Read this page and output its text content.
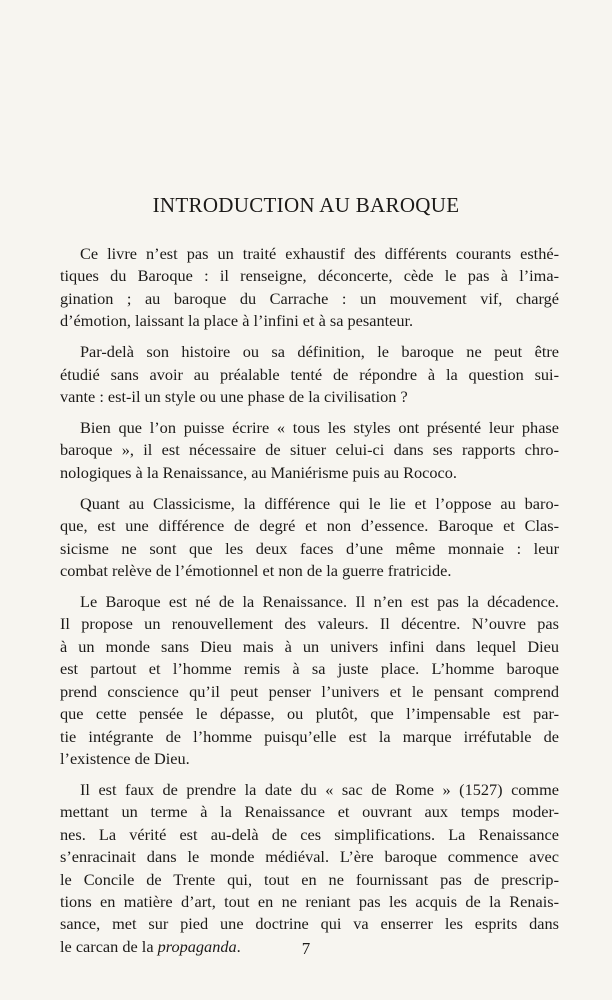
INTRODUCTION AU BAROQUE

Ce livre n’est pas un traité exhaustif des différents courants esthé-
tiques du Baroque : il renseigne, déconcerte, cède le pas à l’ima-
gination ; au baroque du Carrache : un mouvement vif, chargé
d’émotion, laissant la place à l’infini et à sa pesanteur.

Par-delà son histoire ou sa définition, le baroque ne peut être
étudié sans avoir au préalable tenté de répondre à la question sui-
vante : est-il un style ou une phase de la civilisation ?

Bien que l’on puisse écrire « tous les styles ont présenté leur phase
baroque », il est nécessaire de situer celui-ci dans ses rapports chro-
nologiques à la Renaissance, au Maniérisme puis au Rococo.

Quant au Classicisme, la différence qui le lie et l’oppose au baro-
que, est une différence de degré et non d’essence. Baroque et Clas-
sicisme ne sont que les deux faces d’une même monnaie : leur
combat relève de l’émotionnel et non de la guerre fratricide.

Le Baroque est né de la Renaissance. Il n’en est pas la décadence.
Il propose un renouvellement des valeurs. Il décentre. N’ouvre pas
à un monde sans Dieu mais à un univers infini dans lequel Dieu
est partout et l’homme remis à sa juste place. L’homme baroque
prend conscience qu’il peut penser l’univers et le pensant comprend
que cette pensée le dépasse, ou plutôt, que l’impensable est par-
tie intégrante de l’homme puisqu’elle est la marque irréfutable de
l’existence de Dieu.

Il est faux de prendre la date du « sac de Rome » (1527) comme
mettant un terme à la Renaissance et ouvrant aux temps moder-
nes. La vérité est au-delà de ces simplifications. La Renaissance
s’enracinait dans le monde médiéval. L’ère baroque commence avec
le Concile de Trente qui, tout en ne fournissant pas de prescrip-
tions en matière d’art, tout en ne reniant pas les acquis de la Renais-
sance, met sur pied une doctrine qui va enserrer les esprits dans
le carcan de la propaganda.	7
